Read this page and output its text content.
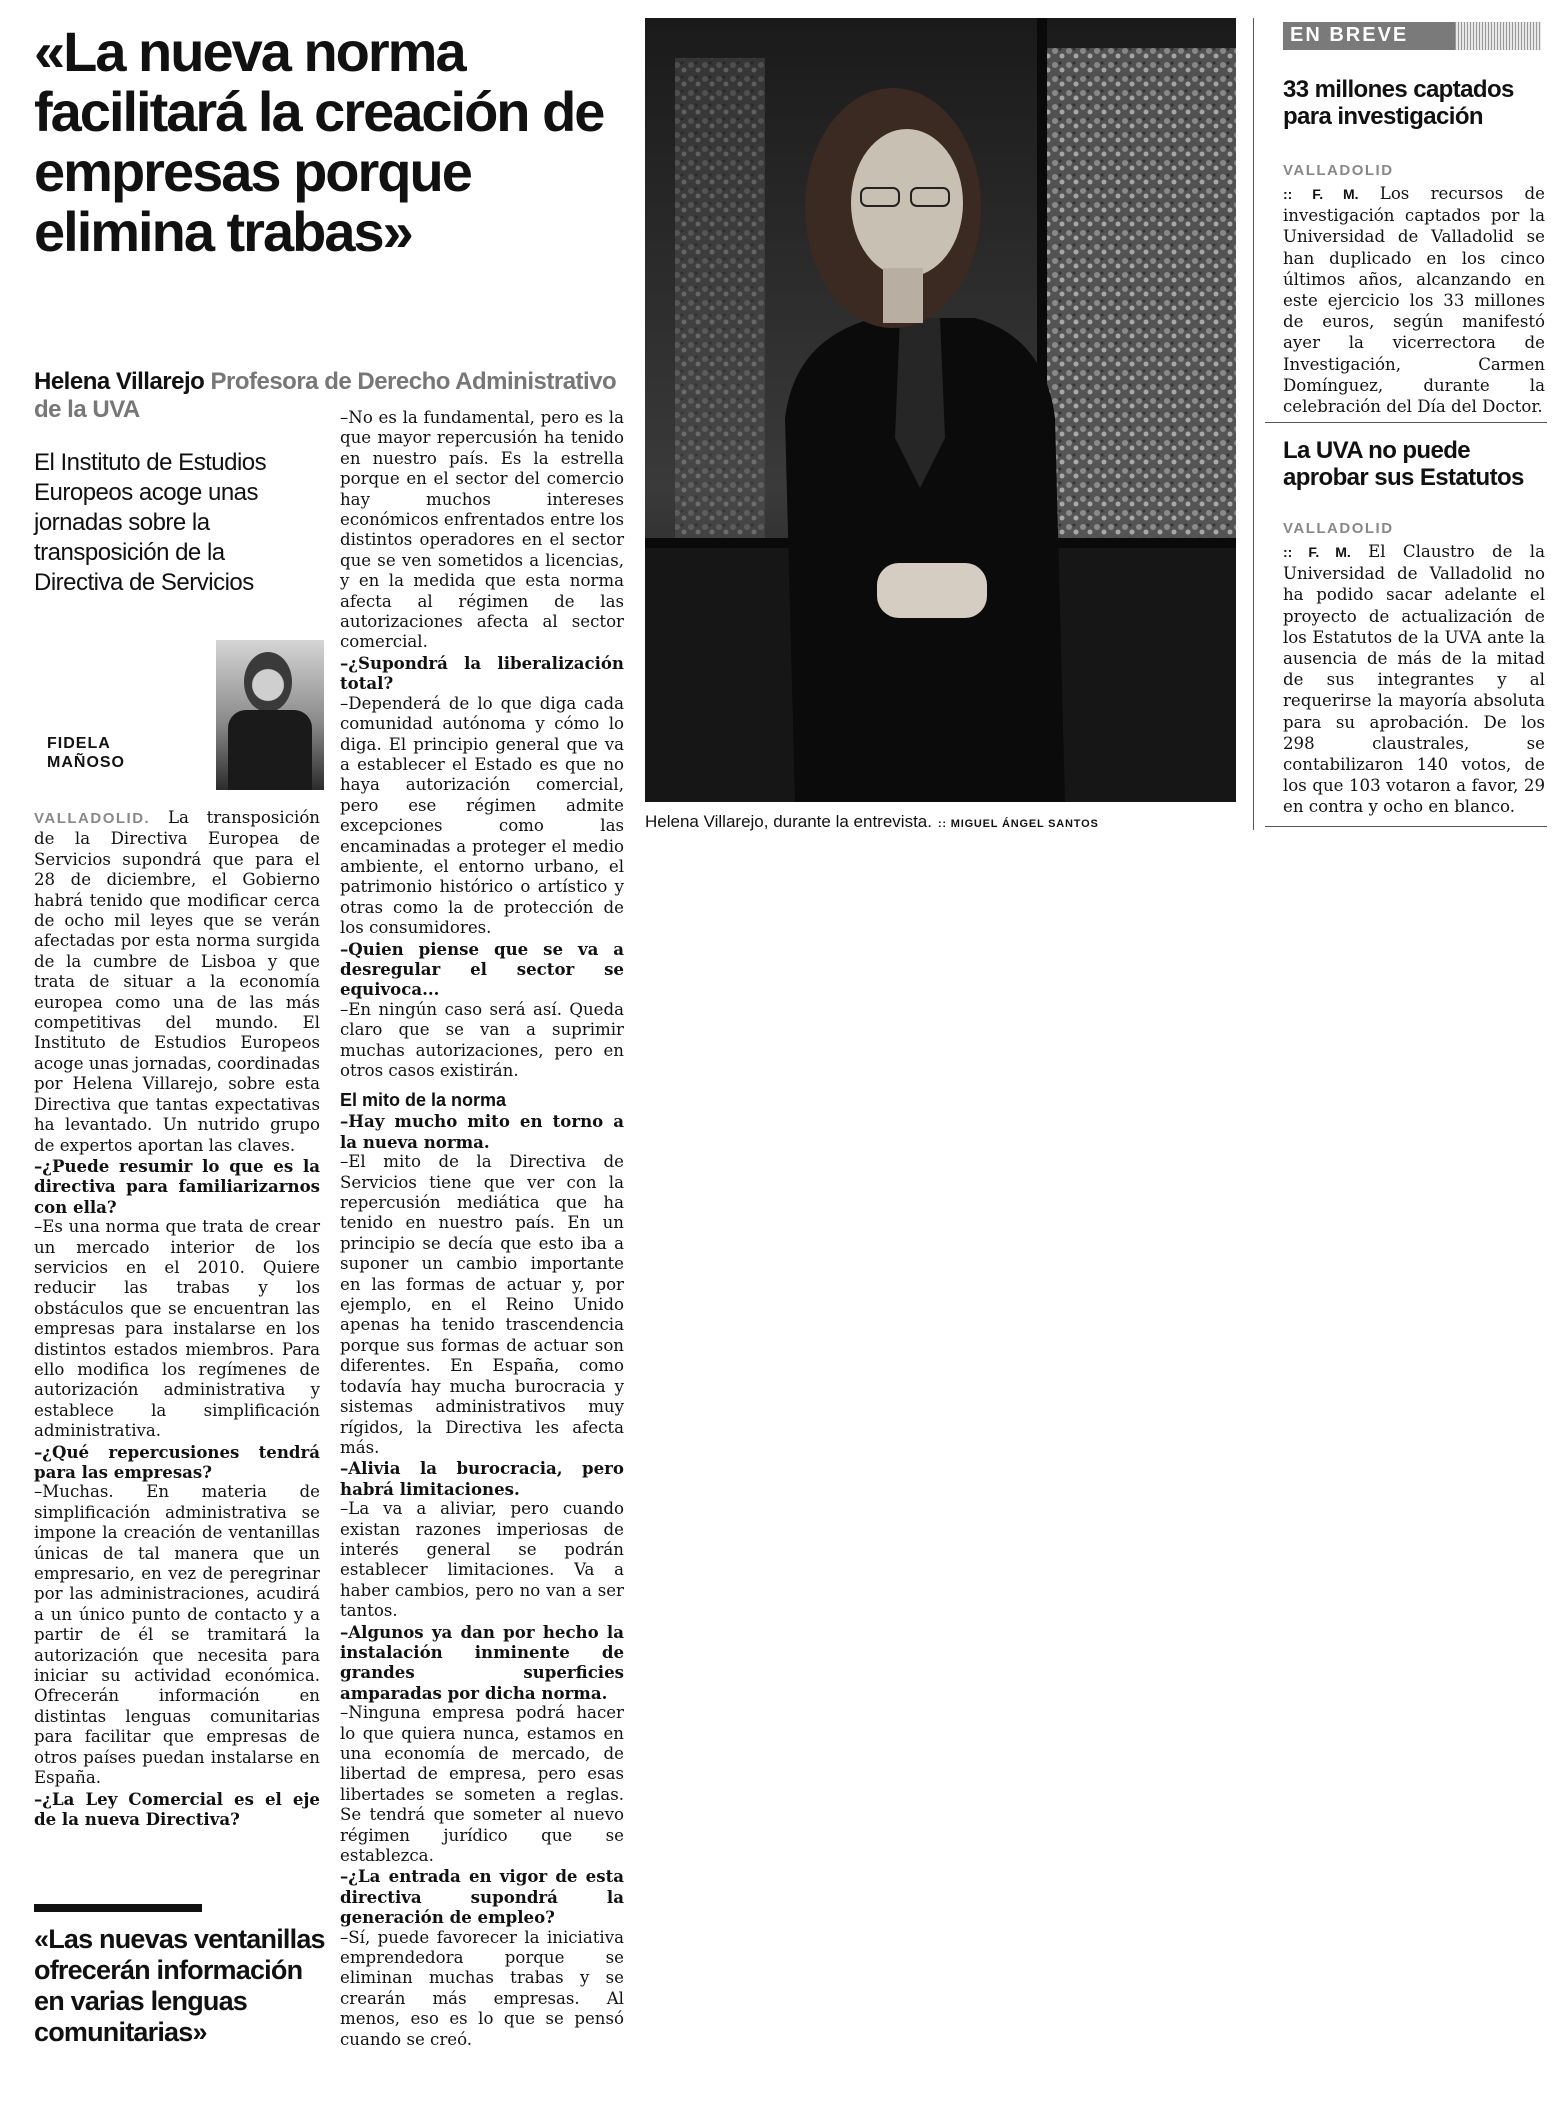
«La nueva norma facilitará la creación de empresas porque elimina trabas»
Helena Villarejo Profesora de Derecho Administrativo de la UVA
El Instituto de Estudios Europeos acoge unas jornadas sobre la transposición de la Directiva de Servicios
FIDELA
MAÑOSO

VALLADOLID. La transposición de la Directiva Europea de Servicios supondrá que para el 28 de diciembre, el Gobierno habrá tenido que modificar cerca de ocho mil leyes que se verán afectadas por esta norma surgida de la cumbre de Lisboa y que trata de situar a la economía europea como una de las más competitivas del mundo. El Instituto de Estudios Europeos acoge unas jornadas, coordinadas por Helena Villarejo, sobre esta Directiva que tantas expectativas ha levantado. Un nutrido grupo de expertos aportan las claves.

–¿Puede resumir lo que es la directiva para familiarizarnos con ella?

–Es una norma que trata de crear un mercado interior de los servicios en el 2010. Quiere reducir las trabas y los obstáculos que se encuentran las empresas para instalarse en los distintos estados miembros. Para ello modifica los regímenes de autorización administrativa y establece la simplificación administrativa.

–¿Qué repercusiones tendrá para las empresas?

–Muchas. En materia de simplificación administrativa se impone la creación de ventanillas únicas de tal manera que un empresario, en vez de peregrinar por las administraciones, acudirá a un único punto de contacto y a partir de él se tramitará la autorización que necesita para iniciar su actividad económica. Ofrecerán información en distintas lenguas comunitarias para facilitar que empresas de otros países puedan instalarse en España.

–¿La Ley Comercial es el eje de la nueva Directiva?

–No es la fundamental, pero es la que mayor repercusión ha tenido en nuestro país. Es la estrella porque en el sector del comercio hay muchos intereses económicos enfrentados entre los distintos operadores en el sector que se ven sometidos a licencias, y en la medida que esta norma afecta al régimen de las autorizaciones afecta al sector comercial.

–¿Supondrá la liberalización total?

–Dependerá de lo que diga cada comunidad autónoma y cómo lo diga. El principio general que va a establecer el Estado es que no haya autorización comercial, pero ese régimen admite excepciones como las encaminadas a proteger el medio ambiente, el entorno urbano, el patrimonio histórico o artístico y otras como la de protección de los consumidores.

–Quien piense que se va a desregular el sector se equivoca...

–En ningún caso será así. Queda claro que se van a suprimir muchas autorizaciones, pero en otros casos existirán.

El mito de la norma

–Hay mucho mito en torno a la nueva norma.

–El mito de la Directiva de Servicios tiene que ver con la repercusión mediática que ha tenido en nuestro país. En un principio se decía que esto iba a suponer un cambio importante en las formas de actuar y, por ejemplo, en el Reino Unido apenas ha tenido trascendencia porque sus formas de actuar son diferentes. En España, como todavía hay mucha burocracia y sistemas administrativos muy rígidos, la Directiva les afecta más.

–Alivia la burocracia, pero habrá limitaciones.

–La va a aliviar, pero cuando existan razones imperiosas de interés general se podrán establecer limitaciones. Va a haber cambios, pero no van a ser tantos.

–Algunos ya dan por hecho la instalación inminente de grandes superficies amparadas por dicha norma.

–Ninguna empresa podrá hacer lo que quiera nunca, estamos en una economía de mercado, de libertad de empresa, pero esas libertades se someten a reglas. Se tendrá que someter al nuevo régimen jurídico que se establezca.

–¿La entrada en vigor de esta directiva supondrá la generación de empleo?

–Sí, puede favorecer la iniciativa emprendedora porque se eliminan muchas trabas y se crearán más empresas. Al menos, eso es lo que se pensó cuando se creó.

«Las nuevas ventanillas ofrecerán información en varias lenguas comunitarias»
Helena Villarejo, durante la entrevista. :: MIGUEL ÁNGEL SANTOS
EN BREVE
33 millones captados para investigación
VALLADOLID
:: F. M. Los recursos de investigación captados por la Universidad de Valladolid se han duplicado en los cinco últimos años, alcanzando en este ejercicio los 33 millones de euros, según manifestó ayer la vicerrectora de Investigación, Carmen Domínguez, durante la celebración del Día del Doctor.
La UVA no puede aprobar sus Estatutos
VALLADOLID
:: F. M. El Claustro de la Universidad de Valladolid no ha podido sacar adelante el proyecto de actualización de los Estatutos de la UVA ante la ausencia de más de la mitad de sus integrantes y al requerirse la mayoría absoluta para su aprobación. De los 298 claustrales, se contabilizaron 140 votos, de los que 103 votaron a favor, 29 en contra y ocho en blanco.
